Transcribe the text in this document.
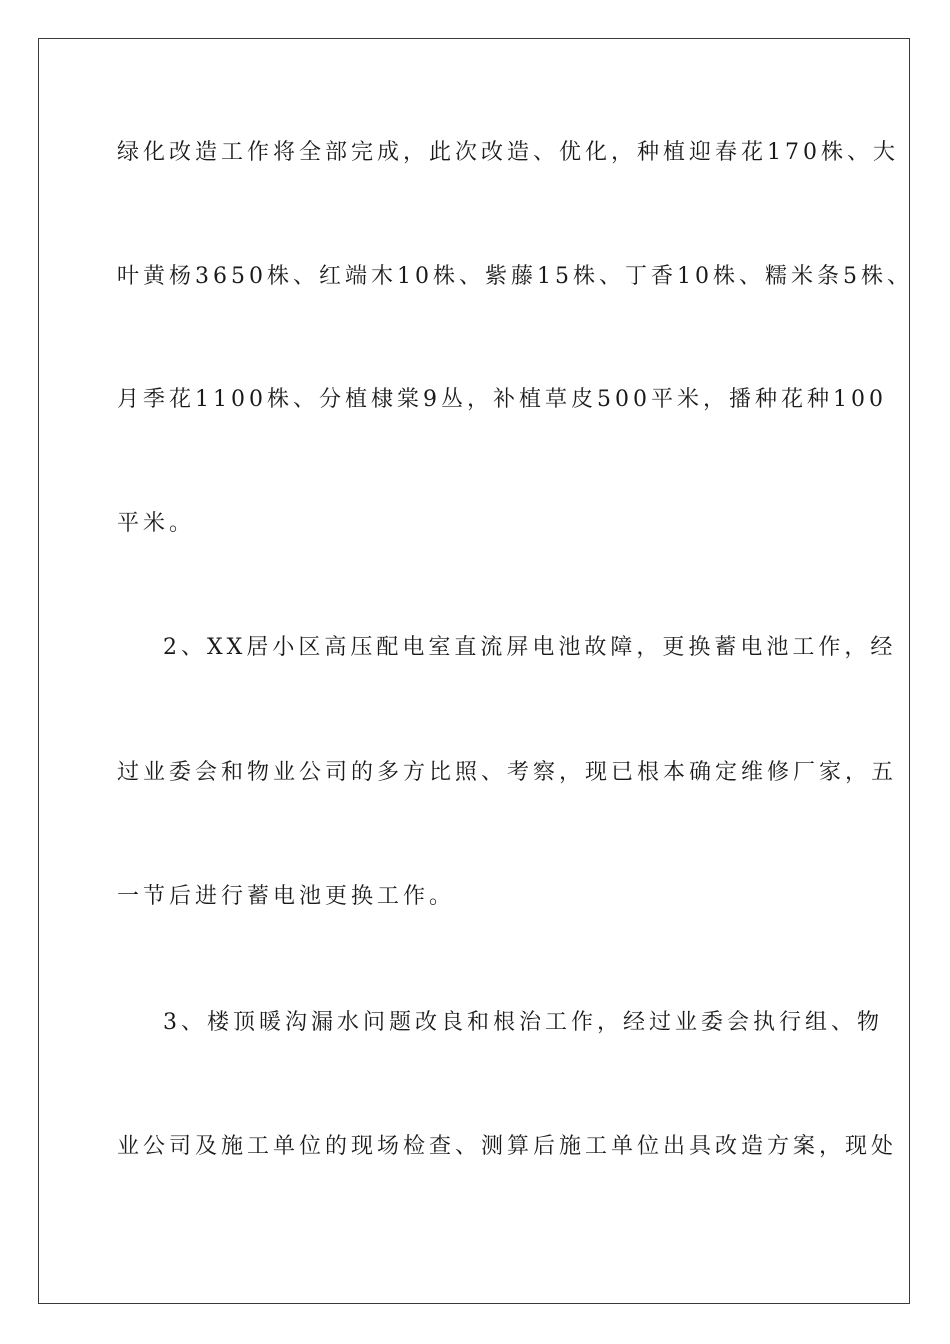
绿化改造工作将全部完成，此次改造、优化，种植迎春花170株、大
叶黄杨3650株、红端木10株、紫藤15株、丁香10株、糯米条5株、
月季花1100株、分植棣棠9丛，补植草皮500平米，播种花种100
平米。
2、XX居小区高压配电室直流屏电池故障，更换蓄电池工作，经
过业委会和物业公司的多方比照、考察，现已根本确定维修厂家，五
一节后进行蓄电池更换工作。
3、楼顶暖沟漏水问题改良和根治工作，经过业委会执行组、物
业公司及施工单位的现场检查、测算后施工单位出具改造方案，现处
